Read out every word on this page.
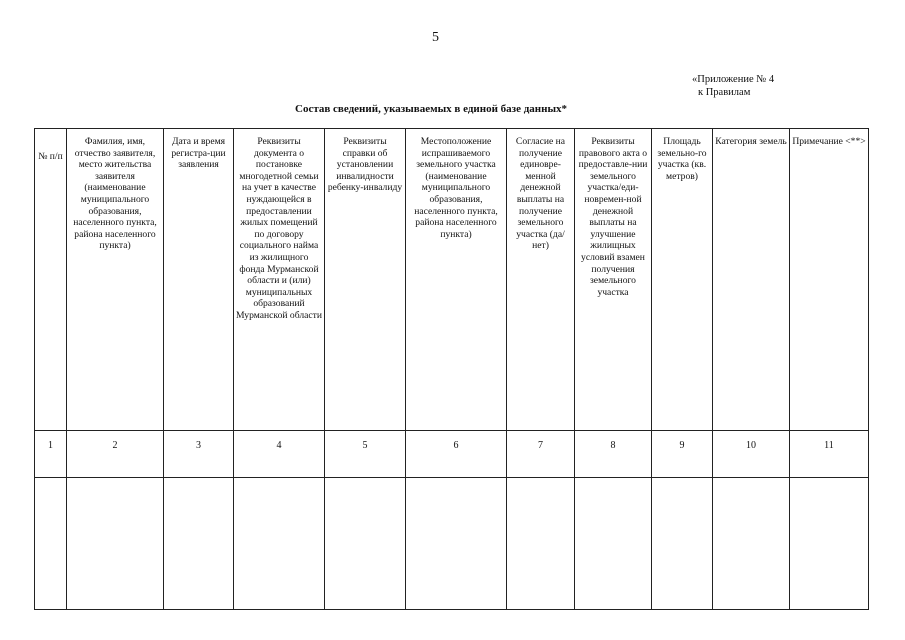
5
«Приложение № 4
к Правилам
Состав сведений, указываемых в единой базе данных*
№ п/п	Фамилия, имя, отчество заявителя, место жительства заявителя (наименование муниципального образования, населенного пункта, района населенного пункта)	Дата и время регистра-ции заявления	Реквизиты документа о постановке многодетной семьи на учет в качестве нуждающейся в предоставлении жилых помещений по договору социального найма из жилищного фонда Мурманской области и (или) муниципальных образований Мурманской области	Реквизиты справки об установлении инвалидности ребенку-инвалиду	Местоположение испрашиваемого земельного участка (наименование муниципального образования, населенного пункта, района населенного пункта)	Согласие на получение единовре-менной денежной выплаты на получение земельного участка (да/нет)	Реквизиты правового акта о предоставле-нии земельного участка/еди-новремен-ной денежной выплаты на улучшение жилищных условий взамен получения земельного участка	Площадь земельно-го участка (кв. метров)	Категория земель	Примечание <**>
1	2	3	4	5	6	7	8	9	10	11
